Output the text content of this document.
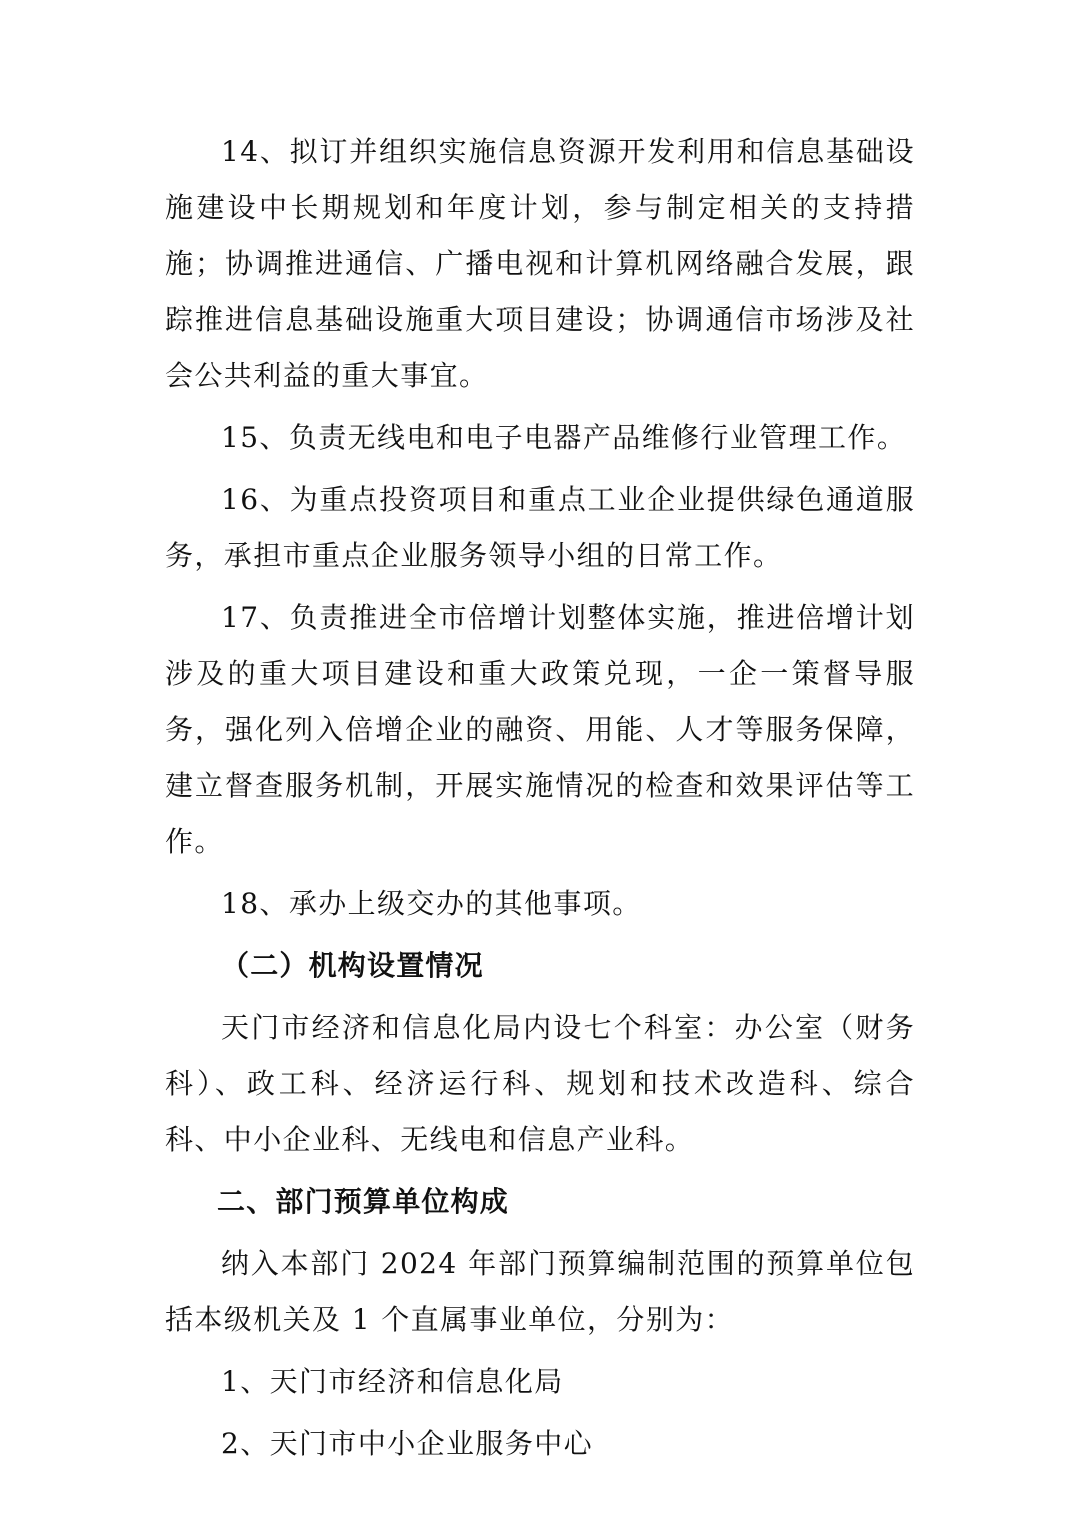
14、拟订并组织实施信息资源开发利用和信息基础设施建设中长期规划和年度计划，参与制定相关的支持措施；协调推进通信、广播电视和计算机网络融合发展，跟踪推进信息基础设施重大项目建设；协调通信市场涉及社会公共利益的重大事宜。

15、负责无线电和电子电器产品维修行业管理工作。

16、为重点投资项目和重点工业企业提供绿色通道服务，承担市重点企业服务领导小组的日常工作。

17、负责推进全市倍增计划整体实施，推进倍增计划涉及的重大项目建设和重大政策兑现，一企一策督导服务，强化列入倍增企业的融资、用能、人才等服务保障，建立督查服务机制，开展实施情况的检查和效果评估等工作。

18、承办上级交办的其他事项。

（二）机构设置情况

天门市经济和信息化局内设七个科室：办公室（财务科）、政工科、经济运行科、规划和技术改造科、综合科、中小企业科、无线电和信息产业科。

二、部门预算单位构成

纳入本部门 2024 年部门预算编制范围的预算单位包括本级机关及 1 个直属事业单位，分别为：

1、天门市经济和信息化局

2、天门市中小企业服务中心
